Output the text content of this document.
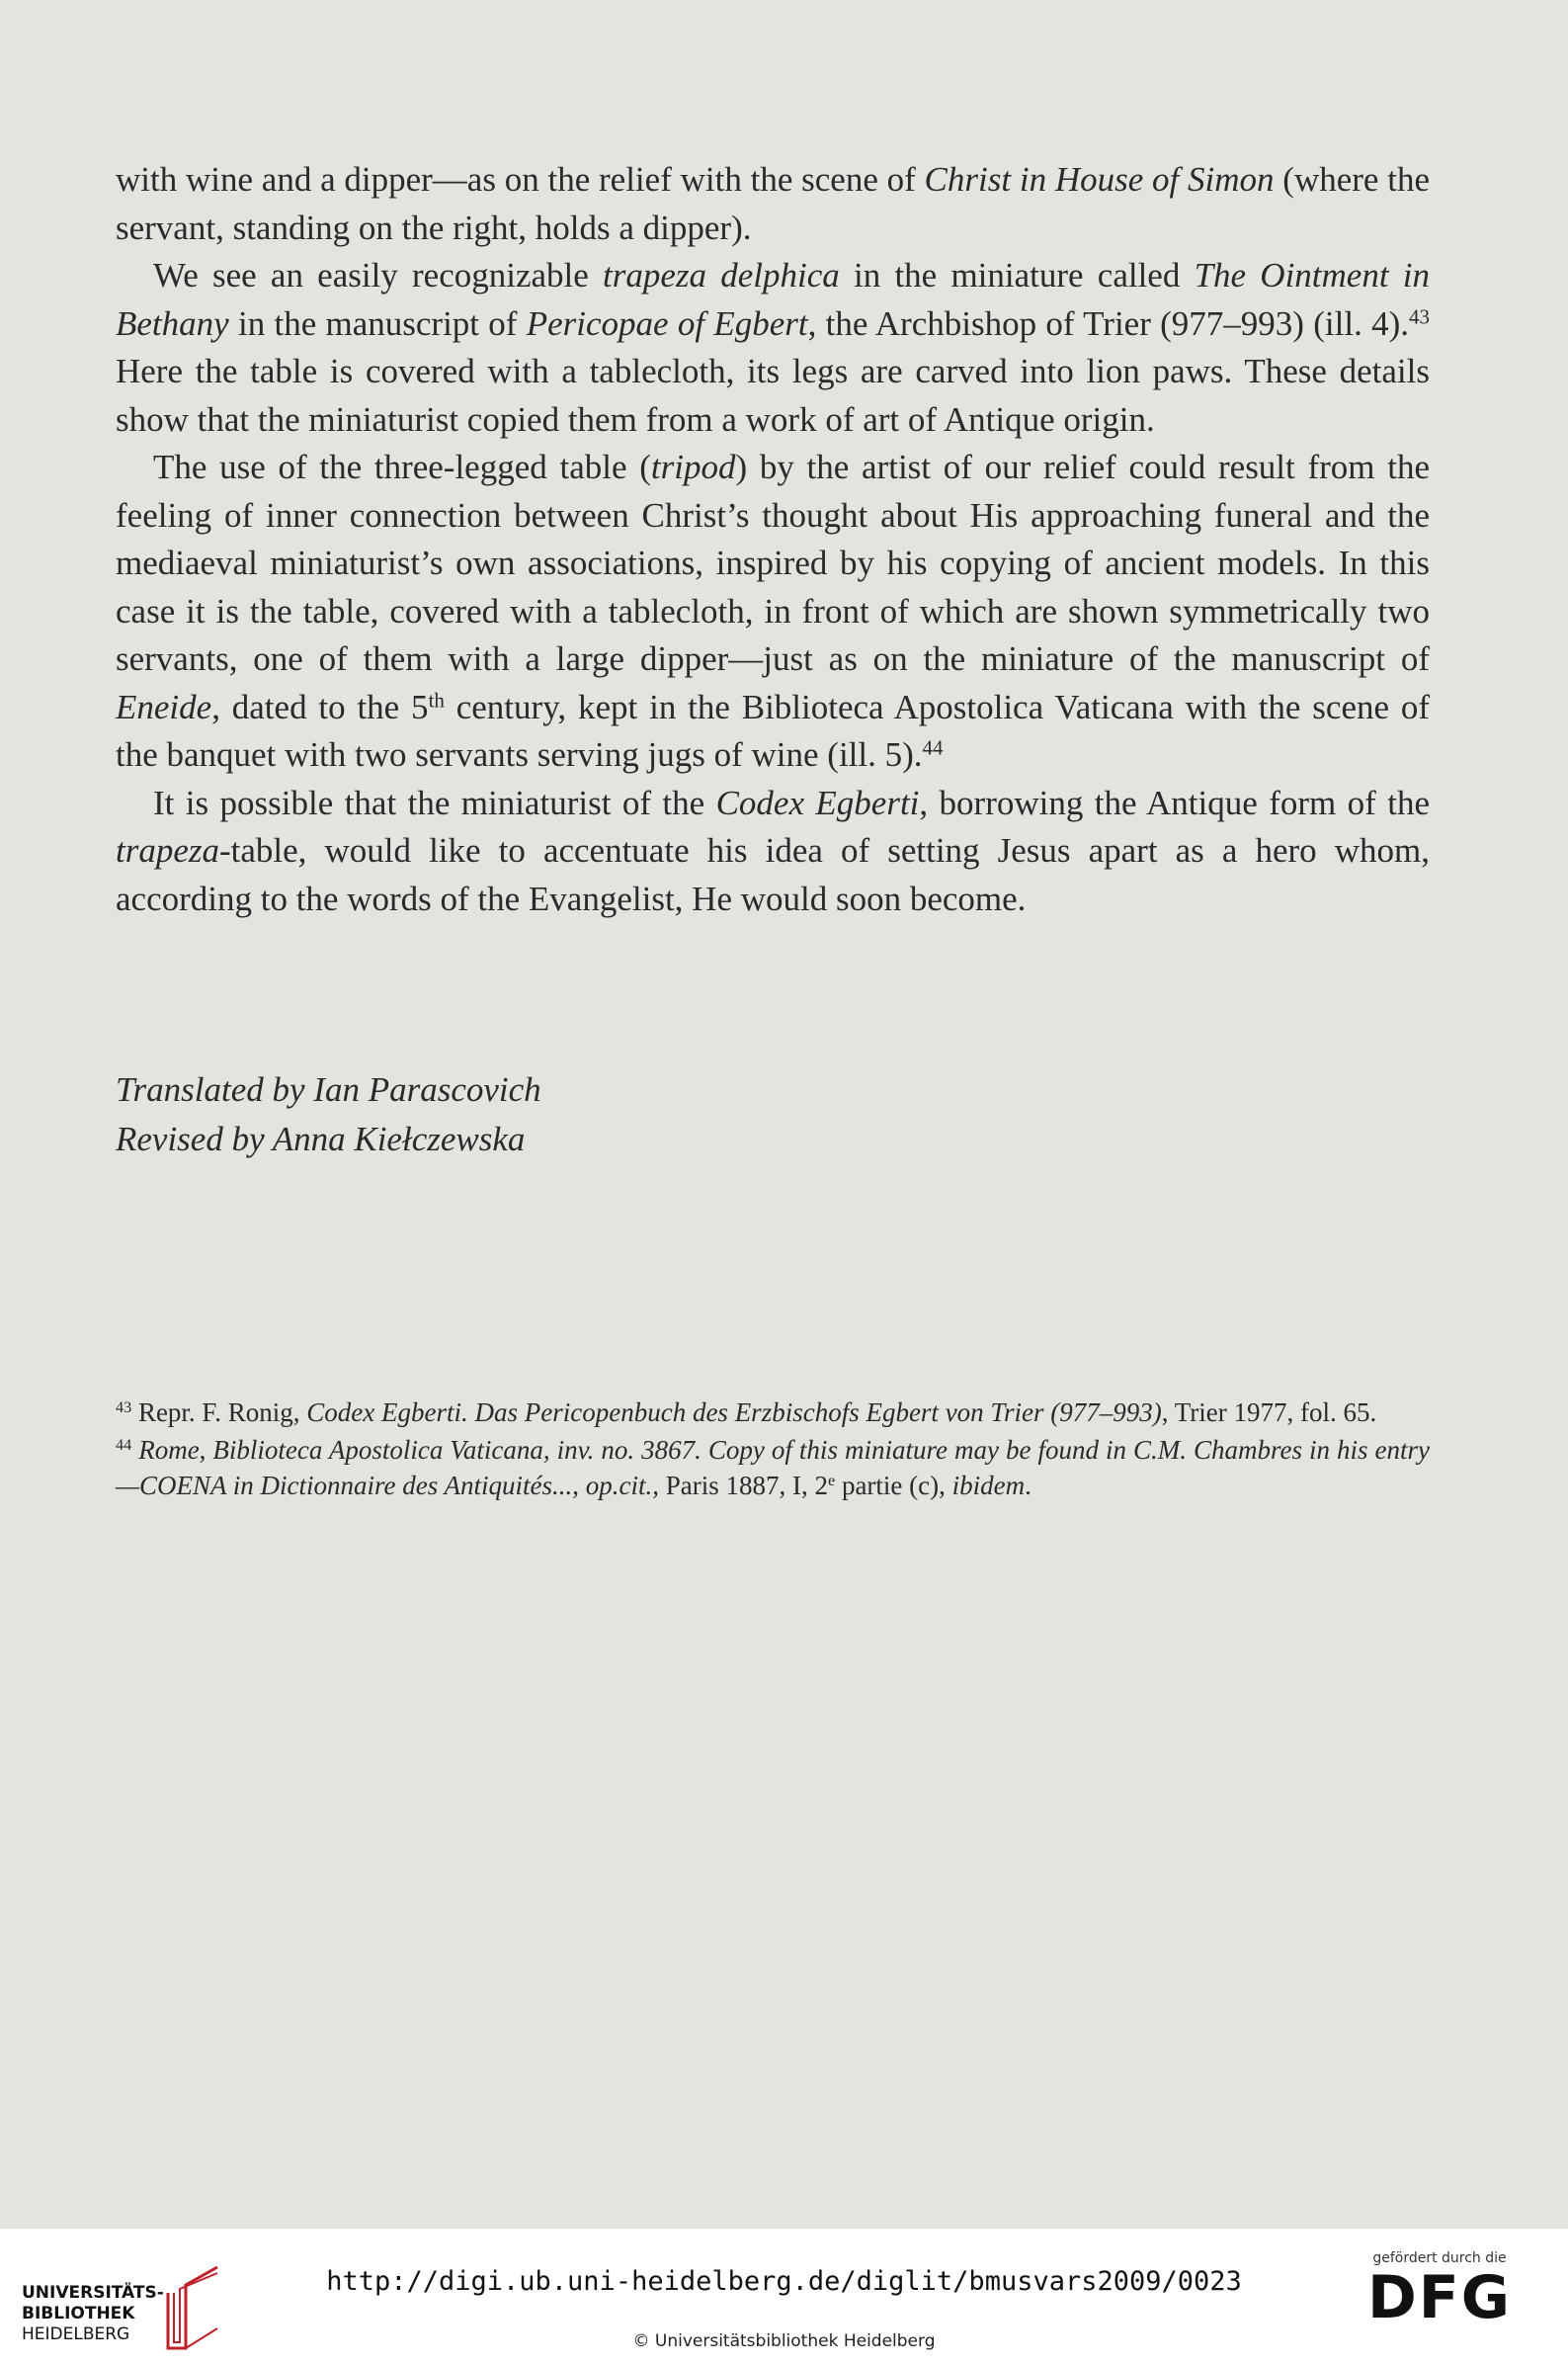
with wine and a dipper—as on the relief with the scene of Christ in House of Simon (where the servant, standing on the right, holds a dipper).

We see an easily recognizable trapeza delphica in the miniature called The Ointment in Bethany in the manuscript of Pericopae of Egbert, the Archbishop of Trier (977–993) (ill. 4).$^{43}$ Here the table is covered with a tablecloth, its legs are carved into lion paws. These details show that the miniaturist copied them from a work of art of Antique origin.

The use of the three-legged table (tripod) by the artist of our relief could result from the feeling of inner connection between Christ’s thought about His approaching funeral and the mediaeval miniaturist’s own associations, inspired by his copying of ancient models. In this case it is the table, covered with a tablecloth, in front of which are shown symmetrically two servants, one of them with a large dipper—just as on the miniature of the manuscript of Eneide, dated to the 5th century, kept in the Biblioteca Apostolica Vaticana with the scene of the banquet with two servants serving jugs of wine (ill. 5).$^{44}$

It is possible that the miniaturist of the Codex Egberti, borrowing the Antique form of the trapeza-table, would like to accentuate his idea of setting Jesus apart as a hero whom, according to the words of the Evangelist, He would soon become.

Translated by Ian Parascovich
Revised by Anna Kiełczewska

$^{43}$ Repr. F. Ronig, Codex Egberti. Das Pericopenbuch des Erzbischofs Egbert von Trier (977–993), Trier 1977, fol. 65.

$^{44}$ Rome, Biblioteca Apostolica Vaticana, inv. no. 3867. Copy of this miniature may be found in C.M. Chambres in his entry—COENA in Dictionnaire des Antiquités..., op.cit., Paris 1887, I, 2e partie (c), ibidem.

UNIVERSITÄTS-
BIBLIOTHEK
HEIDELBERG
http://digi.ub.uni-heidelberg.de/diglit/bmusvars2009/0023
© Universitätsbibliothek Heidelberg
gefördert durch die
DFG
